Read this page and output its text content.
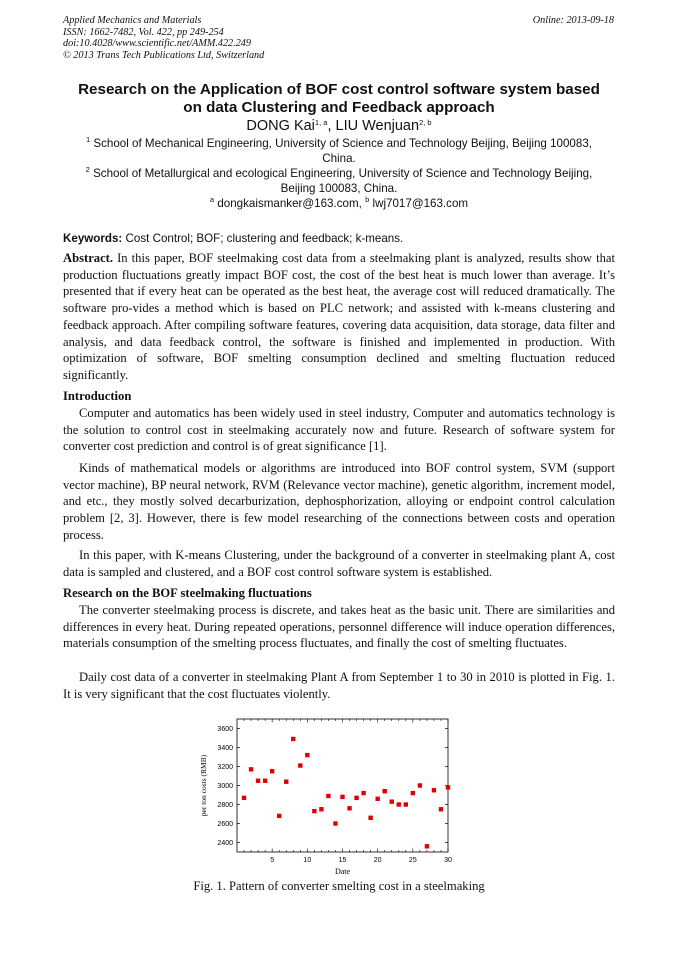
Applied Mechanics and Materials
ISSN: 1662-7482, Vol. 422, pp 249-254
doi:10.4028/www.scientific.net/AMM.422.249
© 2013 Trans Tech Publications Ltd, Switzerland
Online: 2013-09-18
Research on the Application of BOF cost control software system based
on data Clustering and Feedback approach
DONG Kai$^{1, a}$, LIU Wenjuan$^{2, b}$
$^1$ School of Mechanical Engineering, University of Science and Technology Beijing, Beijing 100083,
China.
$^2$ School of Metallurgical and ecological Engineering, University of Science and Technology Beijing,
Beijing 100083, China.
$^a$ dongkaismanker@163.com, $^b$ lwj7017@163.com
Keywords: Cost Control; BOF; clustering and feedback; k-means.
Abstract. In this paper, BOF steelmaking cost data from a steelmaking plant is analyzed, results show that production fluctuations greatly impact BOF cost, the cost of the best heat is much lower than average. It’s presented that if every heat can be operated as the best heat, the average cost will reduced dramatically. The software pro-vides a method which is based on PLC network; and assisted with k-means clustering and feedback approach. After compiling software features, covering data acquisition, data storage, data filter and analysis, and data feedback control, the software is finished and implemented in production. With optimization of software, BOF smelting consumption declined and smelting fluctuation reduced significantly.
Introduction
Computer and automatics has been widely used in steel industry, Computer and automatics technology is the solution to control cost in steelmaking accurately now and future. Research of software system for converter cost prediction and control is of great significance [1].
Kinds of mathematical models or algorithms are introduced into BOF control system, SVM (support vector machine), BP neural network, RVM (Relevance vector machine), genetic algorithm, increment model, and etc., they mostly solved decarburization, dephosphorization, alloying or endpoint control calculation problem [2, 3]. However, there is few model researching of the connections between costs and operation process.
In this paper, with K-means Clustering, under the background of a converter in steelmaking plant A, cost data is sampled and clustered, and a BOF cost control software system is established.
Research on the BOF steelmaking fluctuations
The converter steelmaking process is discrete, and takes heat as the basic unit. There are similarities and differences in every heat. During repeated operations, personnel difference will induce operation differences, materials consumption of the smelting process fluctuates, and finally the cost of smelting fluctuates.
Daily cost data of a converter in steelmaking Plant A from September 1 to 30 in 2010 is plotted in Fig. 1. It is very significant that the cost fluctuates violently.
2400
2600
2800
3000
3200
3400
3600
5	10	15	20	25	30
Date
per ton costs (RMB)
Fig. 1. Pattern of converter smelting cost in a steelmaking
